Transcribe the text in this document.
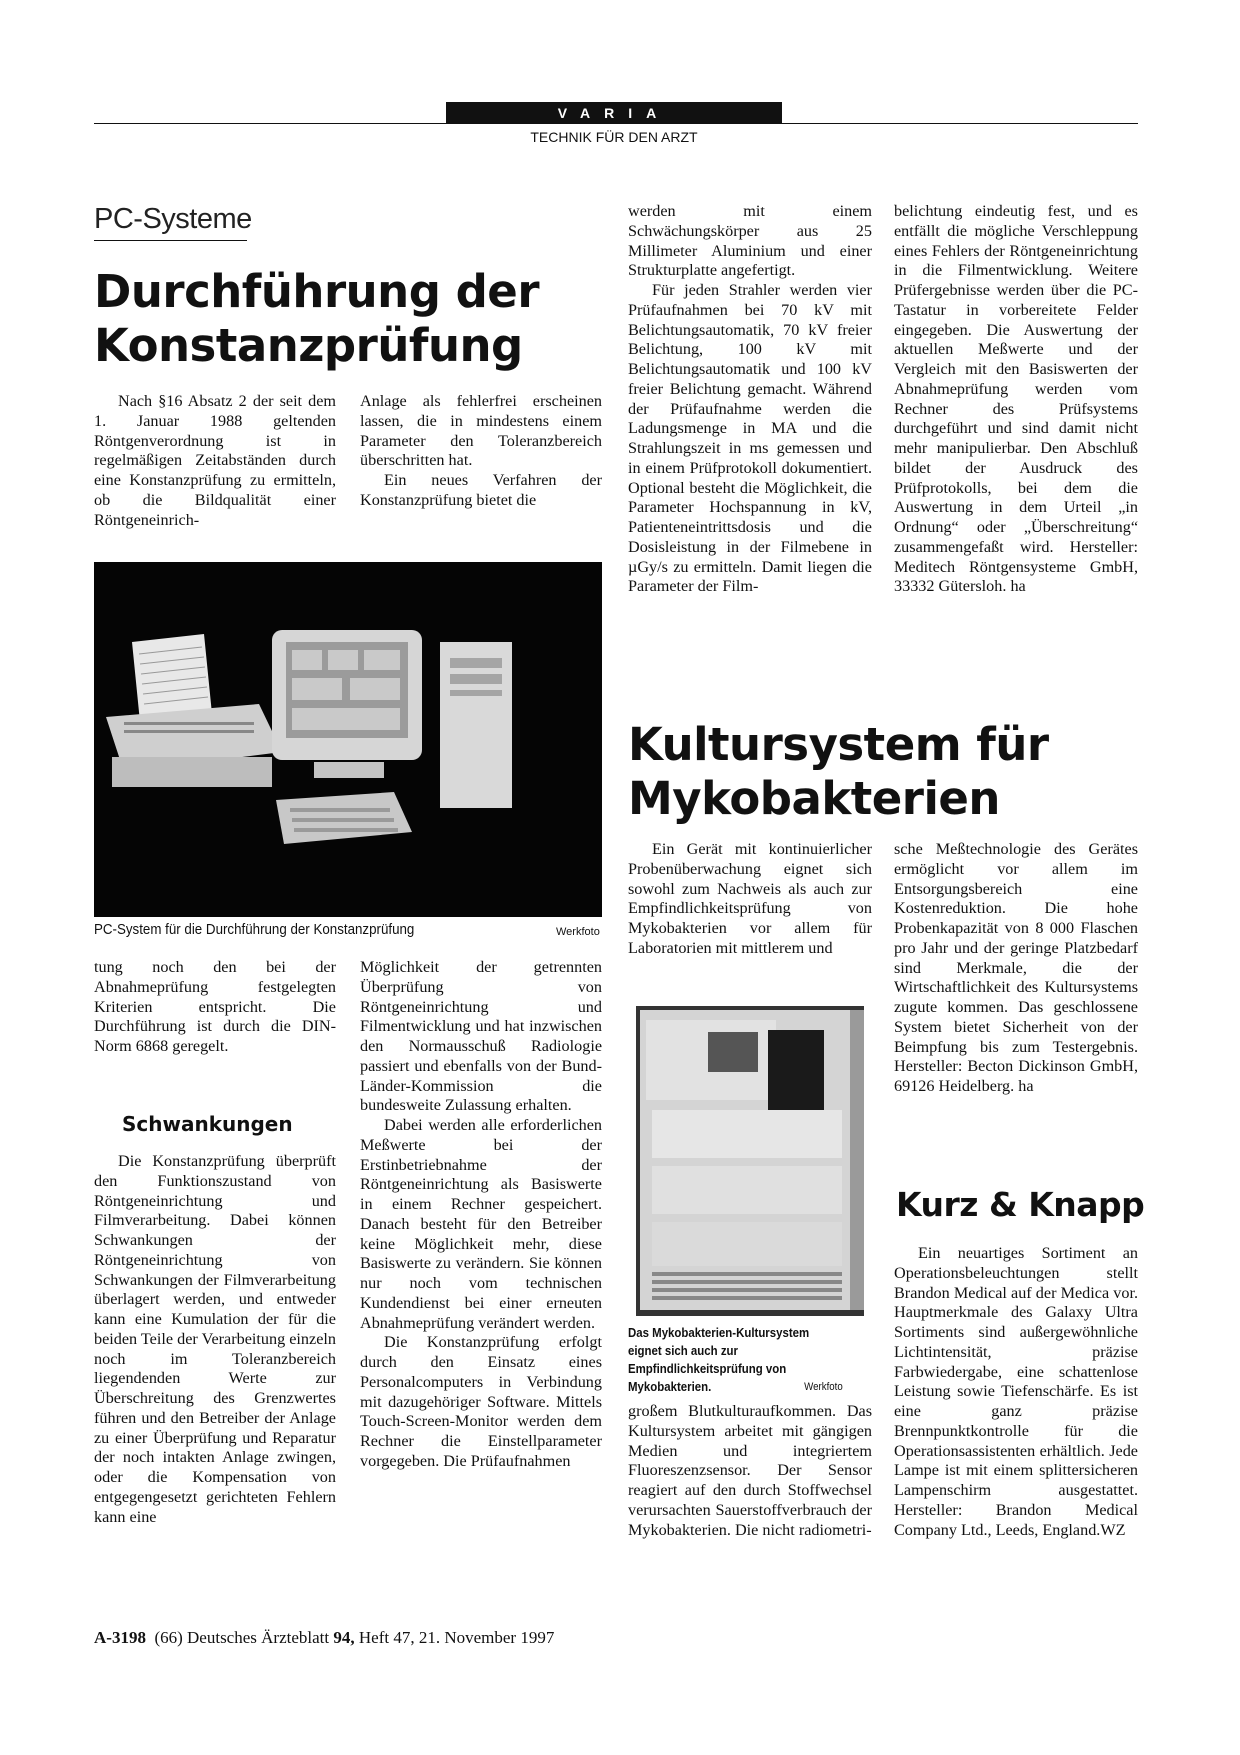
VARIA
TECHNIK FÜR DEN ARZT
PC-Systeme
Durchführung der
Konstanzprüfung

Nach §16 Absatz 2 der seit dem 1. Januar 1988 geltenden Röntgenverordnung ist in regelmäßigen Zeitabständen durch eine Konstanzprüfung zu ermitteln, ob die Bildqualität einer Röntgeneinrich-

Anlage als fehlerfrei erscheinen lassen, die in mindestens einem Parameter den Toleranzbereich überschritten hat.

Ein neues Verfahren der Konstanzprüfung bietet die

PC-System für die Durchführung der Konstanzprüfung	Werkfoto

tung noch den bei der Abnahmeprüfung festgelegten Kriterien entspricht. Die Durchführung ist durch die DIN-Norm 6868 geregelt.

Schwankungen

Die Konstanzprüfung überprüft den Funktionszustand von Röntgeneinrichtung und Filmverarbeitung. Dabei können Schwankungen der Röntgeneinrichtung von Schwankungen der Filmverarbeitung überlagert werden, und entweder kann eine Kumulation der für die beiden Teile der Verarbeitung einzeln noch im Toleranzbereich liegendenden Werte zur Überschreitung des Grenzwertes führen und den Betreiber der Anlage zu einer Überprüfung und Reparatur der noch intakten Anlage zwingen, oder die Kompensation von entgegengesetzt gerichteten Fehlern kann eine

Möglichkeit der getrennten Überprüfung von Röntgeneinrichtung und Filmentwicklung und hat inzwischen den Normausschuß Radiologie passiert und ebenfalls von der Bund-Länder-Kommission die bundesweite Zulassung erhalten.

Dabei werden alle erforderlichen Meßwerte bei der Erstinbetriebnahme der Röntgeneinrichtung als Basiswerte in einem Rechner gespeichert. Danach besteht für den Betreiber keine Möglichkeit mehr, diese Basiswerte zu verändern. Sie können nur noch vom technischen Kundendienst bei einer erneuten Abnahmeprüfung verändert werden.

Die Konstanzprüfung erfolgt durch den Einsatz eines Personalcomputers in Verbindung mit dazugehöriger Software. Mittels Touch-Screen-Monitor werden dem Rechner die Einstellparameter vorgegeben. Die Prüfaufnahmen

werden mit einem Schwächungskörper aus 25 Millimeter Aluminium und einer Strukturplatte angefertigt.

Für jeden Strahler werden vier Prüfaufnahmen bei 70 kV mit Belichtungsautomatik, 70 kV freier Belichtung, 100 kV mit Belichtungsautomatik und 100 kV freier Belichtung gemacht. Während der Prüfaufnahme werden die Ladungsmenge in MA und die Strahlungszeit in ms gemessen und in einem Prüfprotokoll dokumentiert. Optional besteht die Möglichkeit, die Parameter Hochspannung in kV, Patienteneintrittsdosis und die Dosisleistung in der Filmebene in µGy/s zu ermitteln. Damit liegen die Parameter der Film-

belichtung eindeutig fest, und es entfällt die mögliche Verschleppung eines Fehlers der Röntgeneinrichtung in die Filmentwicklung. Weitere Prüfergebnisse werden über die PC-Tastatur in vorbereitete Felder eingegeben. Die Auswertung der aktuellen Meßwerte und der Vergleich mit den Basiswerten der Abnahmeprüfung werden vom Rechner des Prüfsystems durchgeführt und sind damit nicht mehr manipulierbar. Den Abschluß bildet der Ausdruck des Prüfprotokolls, bei dem die Auswertung in dem Urteil „in Ordnung“ oder „Überschreitung“ zusammengefaßt wird. Hersteller: Meditech Röntgensysteme GmbH, 33332 Gütersloh. ha

Kultursystem für
Mykobakterien

Ein Gerät mit kontinuierlicher Probenüberwachung eignet sich sowohl zum Nachweis als auch zur Empfindlichkeitsprüfung von Mykobakterien vor allem für Laboratorien mit mittlerem und

Das Mykobakterien-Kultursystem eignet sich auch zur Empfindlichkeitsprüfung von Mykobakterien.	Werkfoto

großem Blutkulturaufkommen. Das Kultursystem arbeitet mit gängigen Medien und integriertem Fluoreszenzsensor. Der Sensor reagiert auf den durch Stoffwechsel verursachten Sauerstoffverbrauch der Mykobakterien. Die nicht radiometri-

sche Meßtechnologie des Gerätes ermöglicht vor allem im Entsorgungsbereich eine Kostenreduktion. Die hohe Probenkapazität von 8 000 Flaschen pro Jahr und der geringe Platzbedarf sind Merkmale, die der Wirtschaftlichkeit des Kultursystems zugute kommen. Das geschlossene System bietet Sicherheit von der Beimpfung bis zum Testergebnis. Hersteller: Becton Dickinson GmbH, 69126 Heidelberg. ha

Kurz & Knapp

Ein neuartiges Sortiment an Operationsbeleuchtungen stellt Brandon Medical auf der Medica vor. Hauptmerkmale des Galaxy Ultra Sortiments sind außergewöhnliche Lichtintensität, präzise Farbwiedergabe, eine schattenlose Leistung sowie Tiefenschärfe. Es ist eine ganz präzise Brennpunktkontrolle für die Operationsassistenten erhältlich. Jede Lampe ist mit einem splittersicheren Lampenschirm ausgestattet. Hersteller: Brandon Medical Company Ltd., Leeds, England.WZ

A-3198 (66) Deutsches Ärzteblatt 94, Heft 47, 21. November 1997
